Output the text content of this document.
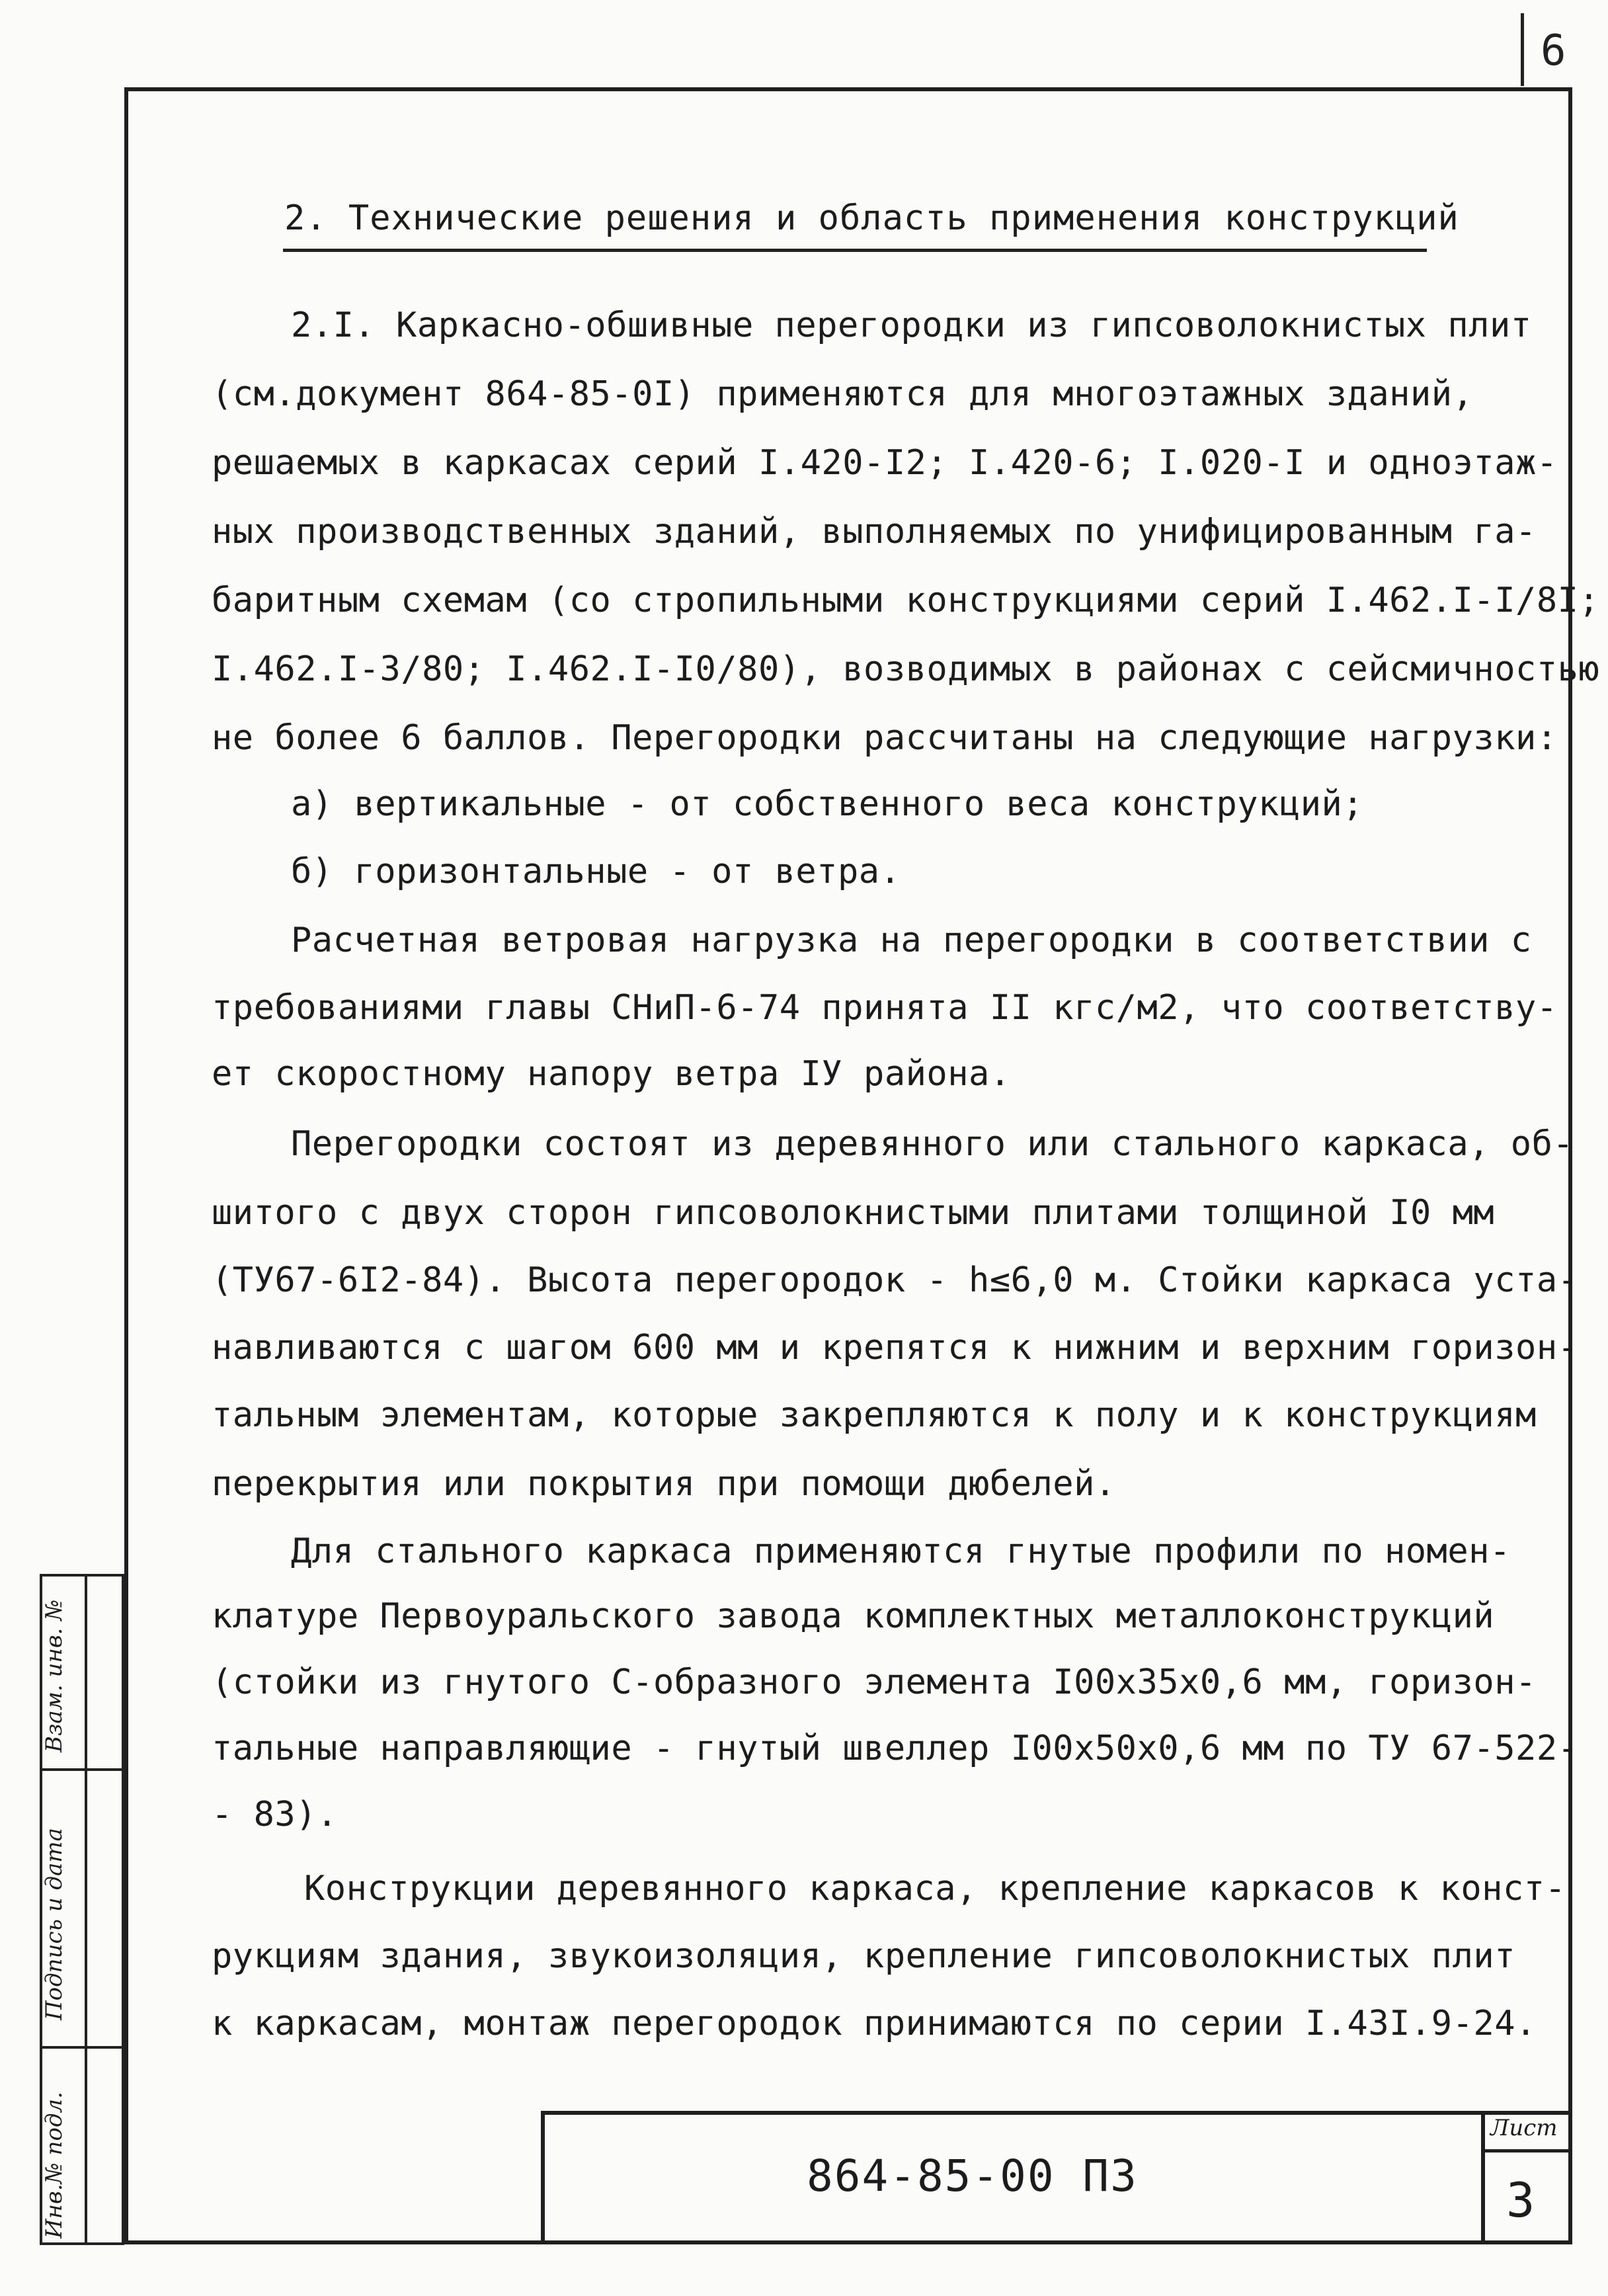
6
2. Технические решения и область применения конструкций
2.I. Каркасно-обшивные перегородки из гипсоволокнистых плит
(см.документ 864-85-0I) применяются для многоэтажных зданий,
решаемых в каркасах серий I.420-I2; I.420-6; I.020-I и одноэтаж-
ных производственных зданий, выполняемых по унифицированным га-
баритным схемам (со стропильными конструкциями серий I.462.I-I/8I;
I.462.I-3/80; I.462.I-I0/80), возводимых в районах с сейсмичностью
не более 6 баллов. Перегородки рассчитаны на следующие нагрузки:
а) вертикальные - от собственного веса конструкций;
б) горизонтальные - от ветра.
Расчетная ветровая нагрузка на перегородки в соответствии с
требованиями главы СНиП-6-74 принята II кгс/м2, что соответству-
ет скоростному напору ветра IУ района.
Перегородки состоят из деревянного или стального каркаса, об-
шитого с двух сторон гипсоволокнистыми плитами толщиной I0 мм
(ТУ67-6I2-84). Высота перегородок - h≤6,0 м. Стойки каркаса уста-
навливаются с шагом 600 мм и крепятся к нижним и верхним горизон-
тальным элементам, которые закрепляются к полу и к конструкциям
перекрытия или покрытия при помощи дюбелей.
Для стального каркаса применяются гнутые профили по номен-
клатуре Первоуральского завода комплектных металлоконструкций
(стойки из гнутого С-образного элемента I00х35х0,6 мм, горизон-
тальные направляющие - гнутый швеллер I00х50х0,6 мм по ТУ 67-522-
- 83).
Конструкции деревянного каркаса, крепление каркасов к конст-
рукциям здания, звукоизоляция, крепление гипсоволокнистых плит
к каркасам, монтаж перегородок принимаются по серии I.43I.9-24.
Взам. инв. №
Подпись и дата
Инв.№ подл.	864-85-00 ПЗ
Лист
3
